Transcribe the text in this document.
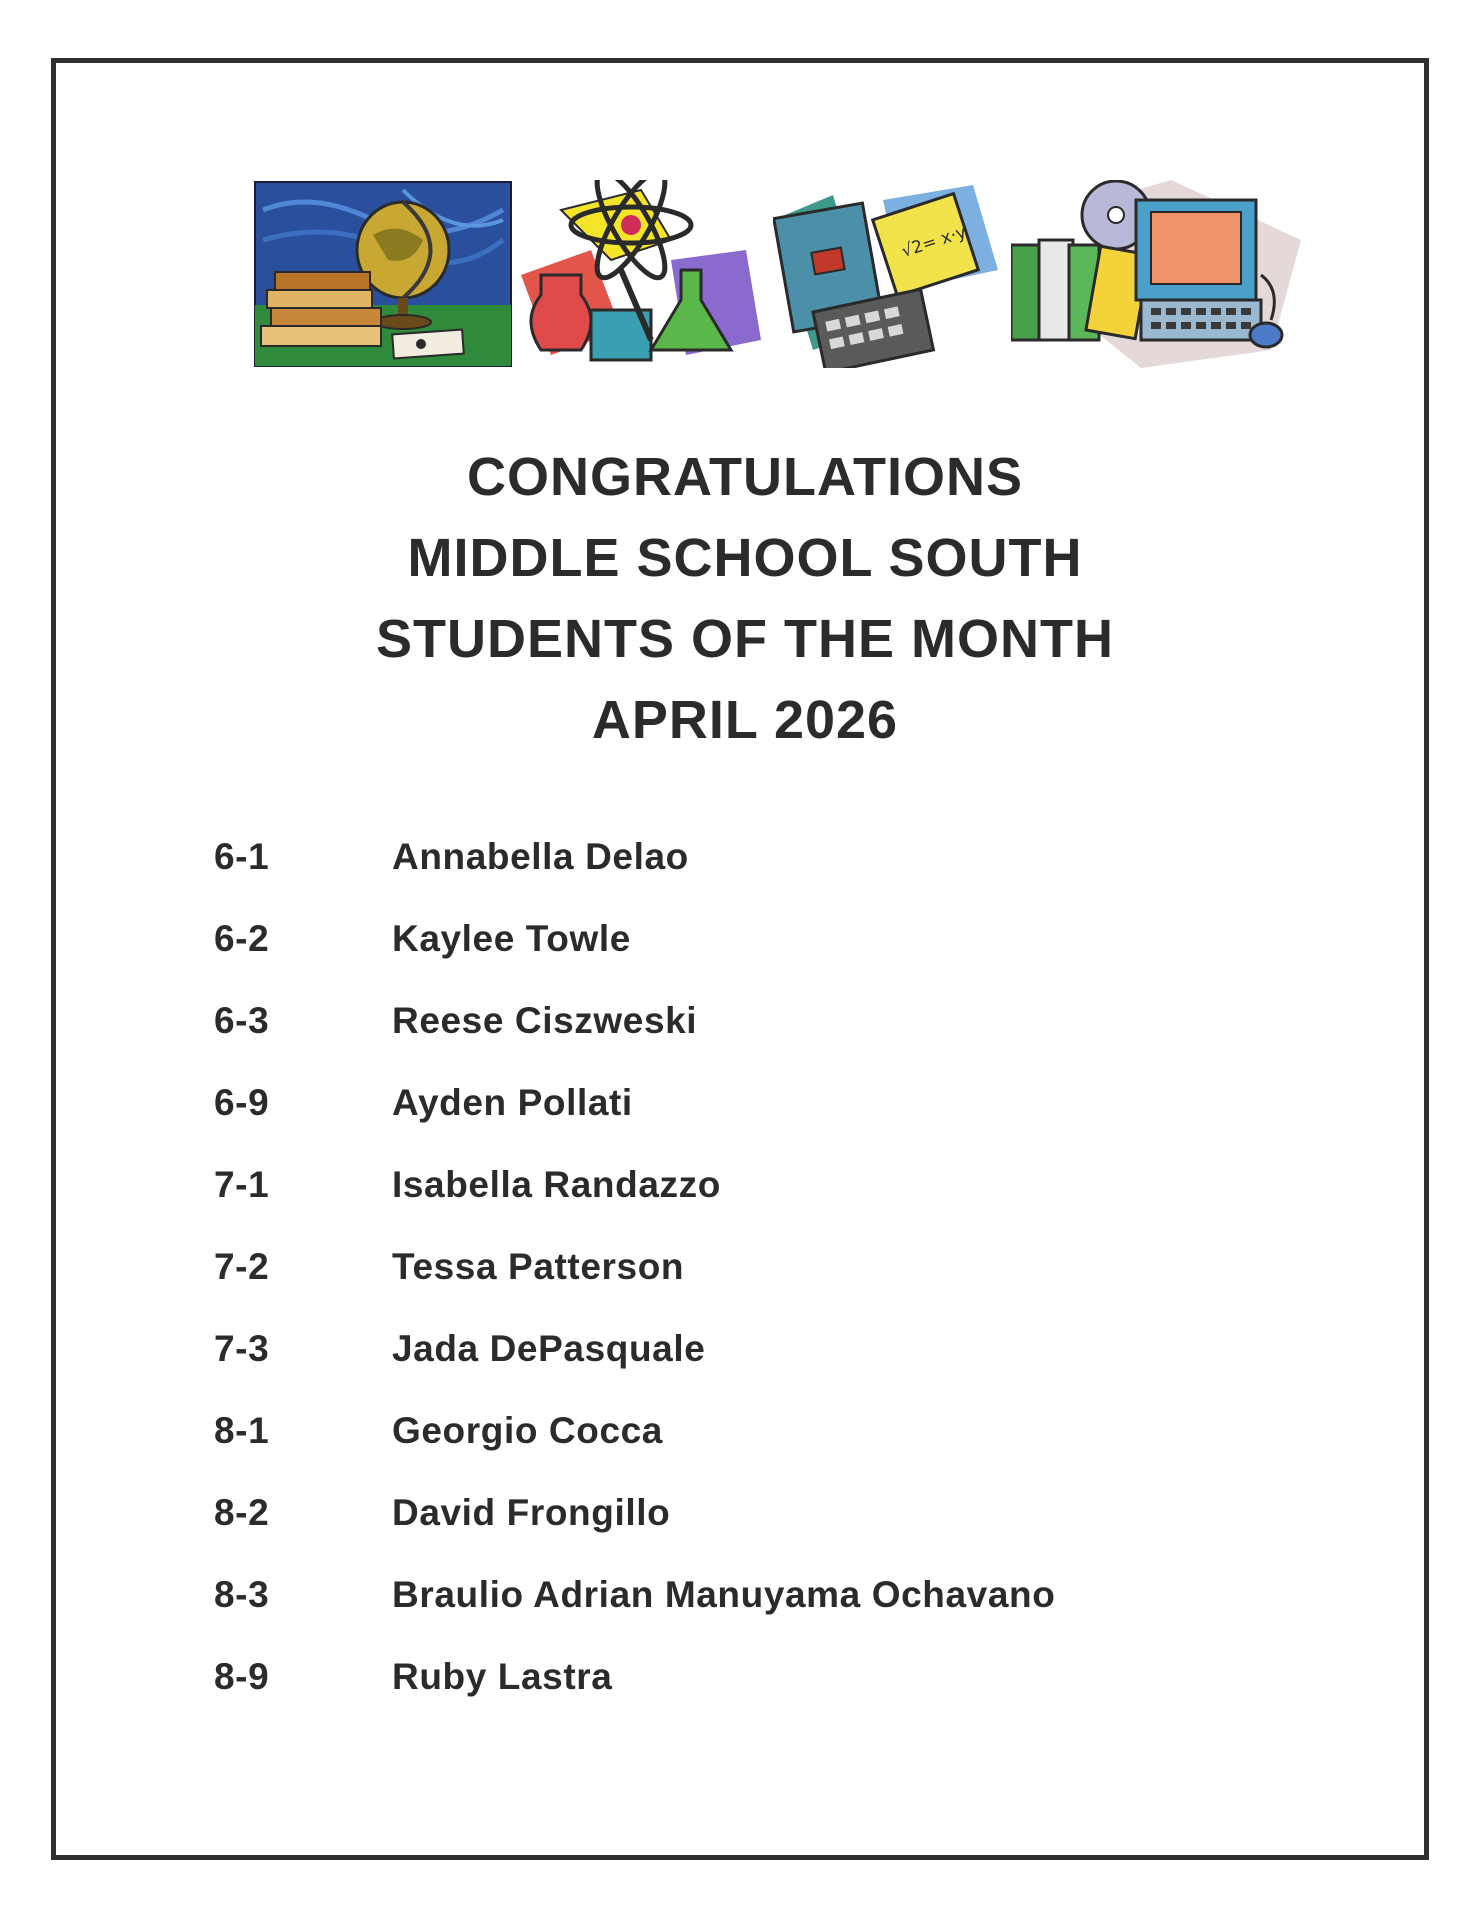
√2= x·y
CONGRATULATIONS
MIDDLE SCHOOL SOUTH
STUDENTS OF THE MONTH
APRIL 2026
6-1	Annabella Delao
6-2	Kaylee Towle
6-3	Reese Ciszweski
6-9	Ayden Pollati
7-1	Isabella Randazzo
7-2	Tessa Patterson
7-3	Jada DePasquale
8-1	Georgio Cocca
8-2	David Frongillo
8-3	Braulio Adrian Manuyama Ochavano
8-9	Ruby Lastra
